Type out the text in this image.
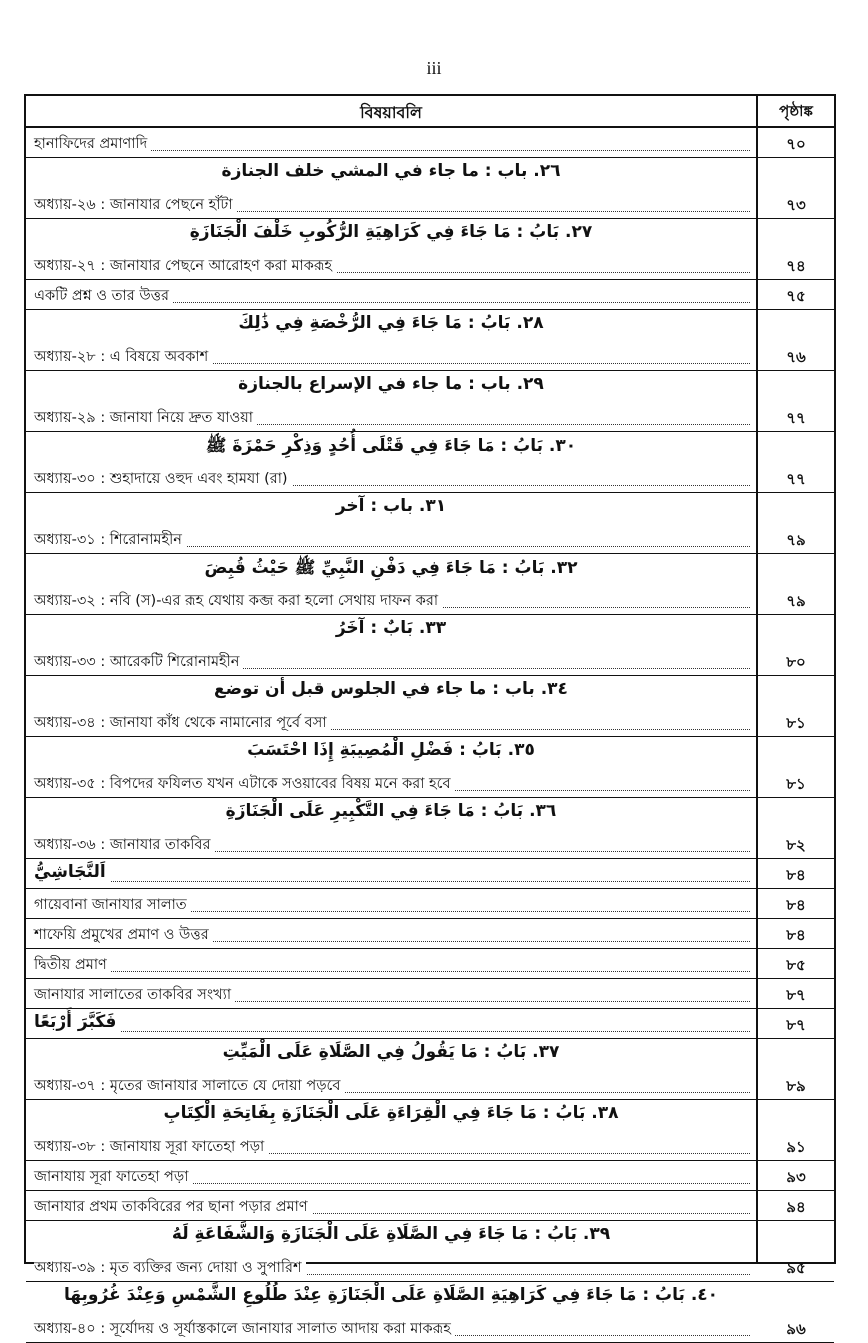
iii
বিষয়াবলি	পৃষ্ঠাঙ্ক
হানাফিদের প্রমাণাদি	৭০
٢٦. باب : ما جاء في المشي خلف الجنازة
অধ্যায়-২৬ : জানাযার পেছনে হাঁটা	৭৩
٢٧. بَابُ : مَا جَاءَ فِي كَرَاهِيَةِ الرُّكُوبِ خَلْفَ الْجَنَازَةِ
অধ্যায়-২৭ : জানাযার পেছনে আরোহণ করা মাকরূহ	৭৪
একটি প্রশ্ন ও তার উত্তর	৭৫
٢٨. بَابُ : مَا جَاءَ فِي الرُّخْصَةِ فِي ذَٰلِكَ
অধ্যায়-২৮ : এ বিষয়ে অবকাশ	৭৬
٢٩. باب : ما جاء في الإسراع بالجنازة
অধ্যায়-২৯ : জানাযা নিয়ে দ্রুত যাওয়া	৭৭
٣٠. بَابُ : مَا جَاءَ فِي قَتْلَى أُحُدٍ وَذِكْرِ حَمْزَةَ ﷺ
অধ্যায়-৩০ : শুহাদায়ে ওহুদ এবং হামযা (রা)	৭৭
٣١. باب : آخر
অধ্যায়-৩১ : শিরোনামহীন	৭৯
٣٢. بَابُ : مَا جَاءَ فِي دَفْنِ النَّبِيِّ ﷺ حَيْثُ قُبِضَ
অধ্যায়-৩২ : নবি (স)-এর রূহ যেথায় কব্জ করা হলো সেথায় দাফন করা	৭৯
٣٣. بَابٌ : آخَرُ
অধ্যায়-৩৩ : আরেকটি শিরোনামহীন	৮০
٣٤. باب : ما جاء في الجلوس قبل أن توضع
অধ্যায়-৩৪ : জানাযা কাঁধ থেকে নামানোর পূর্বে বসা	৮১
٣٥. بَابُ : فَضْلِ الْمُصِيبَةِ إِذَا احْتَسَبَ
অধ্যায়-৩৫ : বিপদের ফযিলত যখন এটাকে সওয়াবের বিষয় মনে করা হবে	৮১
٣٦. بَابُ : مَا جَاءَ فِي التَّكْبِيرِ عَلَى الْجَنَازَةِ
অধ্যায়-৩৬ : জানাযার তাকবির	৮২
اَلنَّجَاشِيُّ	৮৪
গায়েবানা জানাযার সালাত	৮৪
শাফেয়ি প্রমুখের প্রমাণ ও উত্তর	৮৪
দ্বিতীয় প্রমাণ	৮৫
জানাযার সালাতের তাকবির সংখ্যা	৮৭
فَكَبَّرَ أَرْبَعًا	৮৭
٣٧. بَابُ : مَا يَقُولُ فِي الصَّلَاةِ عَلَى الْمَيِّتِ
অধ্যায়-৩৭ : মৃতের জানাযার সালাতে যে দোয়া পড়বে	৮৯
٣٨. بَابُ : مَا جَاءَ فِي الْقِرَاءَةِ عَلَى الْجَنَازَةِ بِفَاتِحَةِ الْكِتَابِ
অধ্যায়-৩৮ : জানাযায় সূরা ফাতেহা পড়া	৯১
জানাযায় সূরা ফাতেহা পড়া	৯৩
জানাযার প্রথম তাকবিরের পর ছানা পড়ার প্রমাণ	৯৪
٣٩. بَابُ : مَا جَاءَ فِي الصَّلَاةِ عَلَى الْجَنَازَةِ وَالشَّفَاعَةِ لَهُ
অধ্যায়-৩৯ : মৃত ব্যক্তির জন্য দোয়া ও সুপারিশ	৯৫
٤٠. بَابُ : مَا جَاءَ فِي كَرَاهِيَةِ الصَّلَاةِ عَلَى الْجَنَازَةِ عِنْدَ طُلُوعِ الشَّمْسِ وَعِنْدَ غُرُوبِهَا
অধ্যায়-৪০ : সূর্যোদয় ও সূর্যাস্তকালে জানাযার সালাত আদায় করা মাকরূহ	৯৬
